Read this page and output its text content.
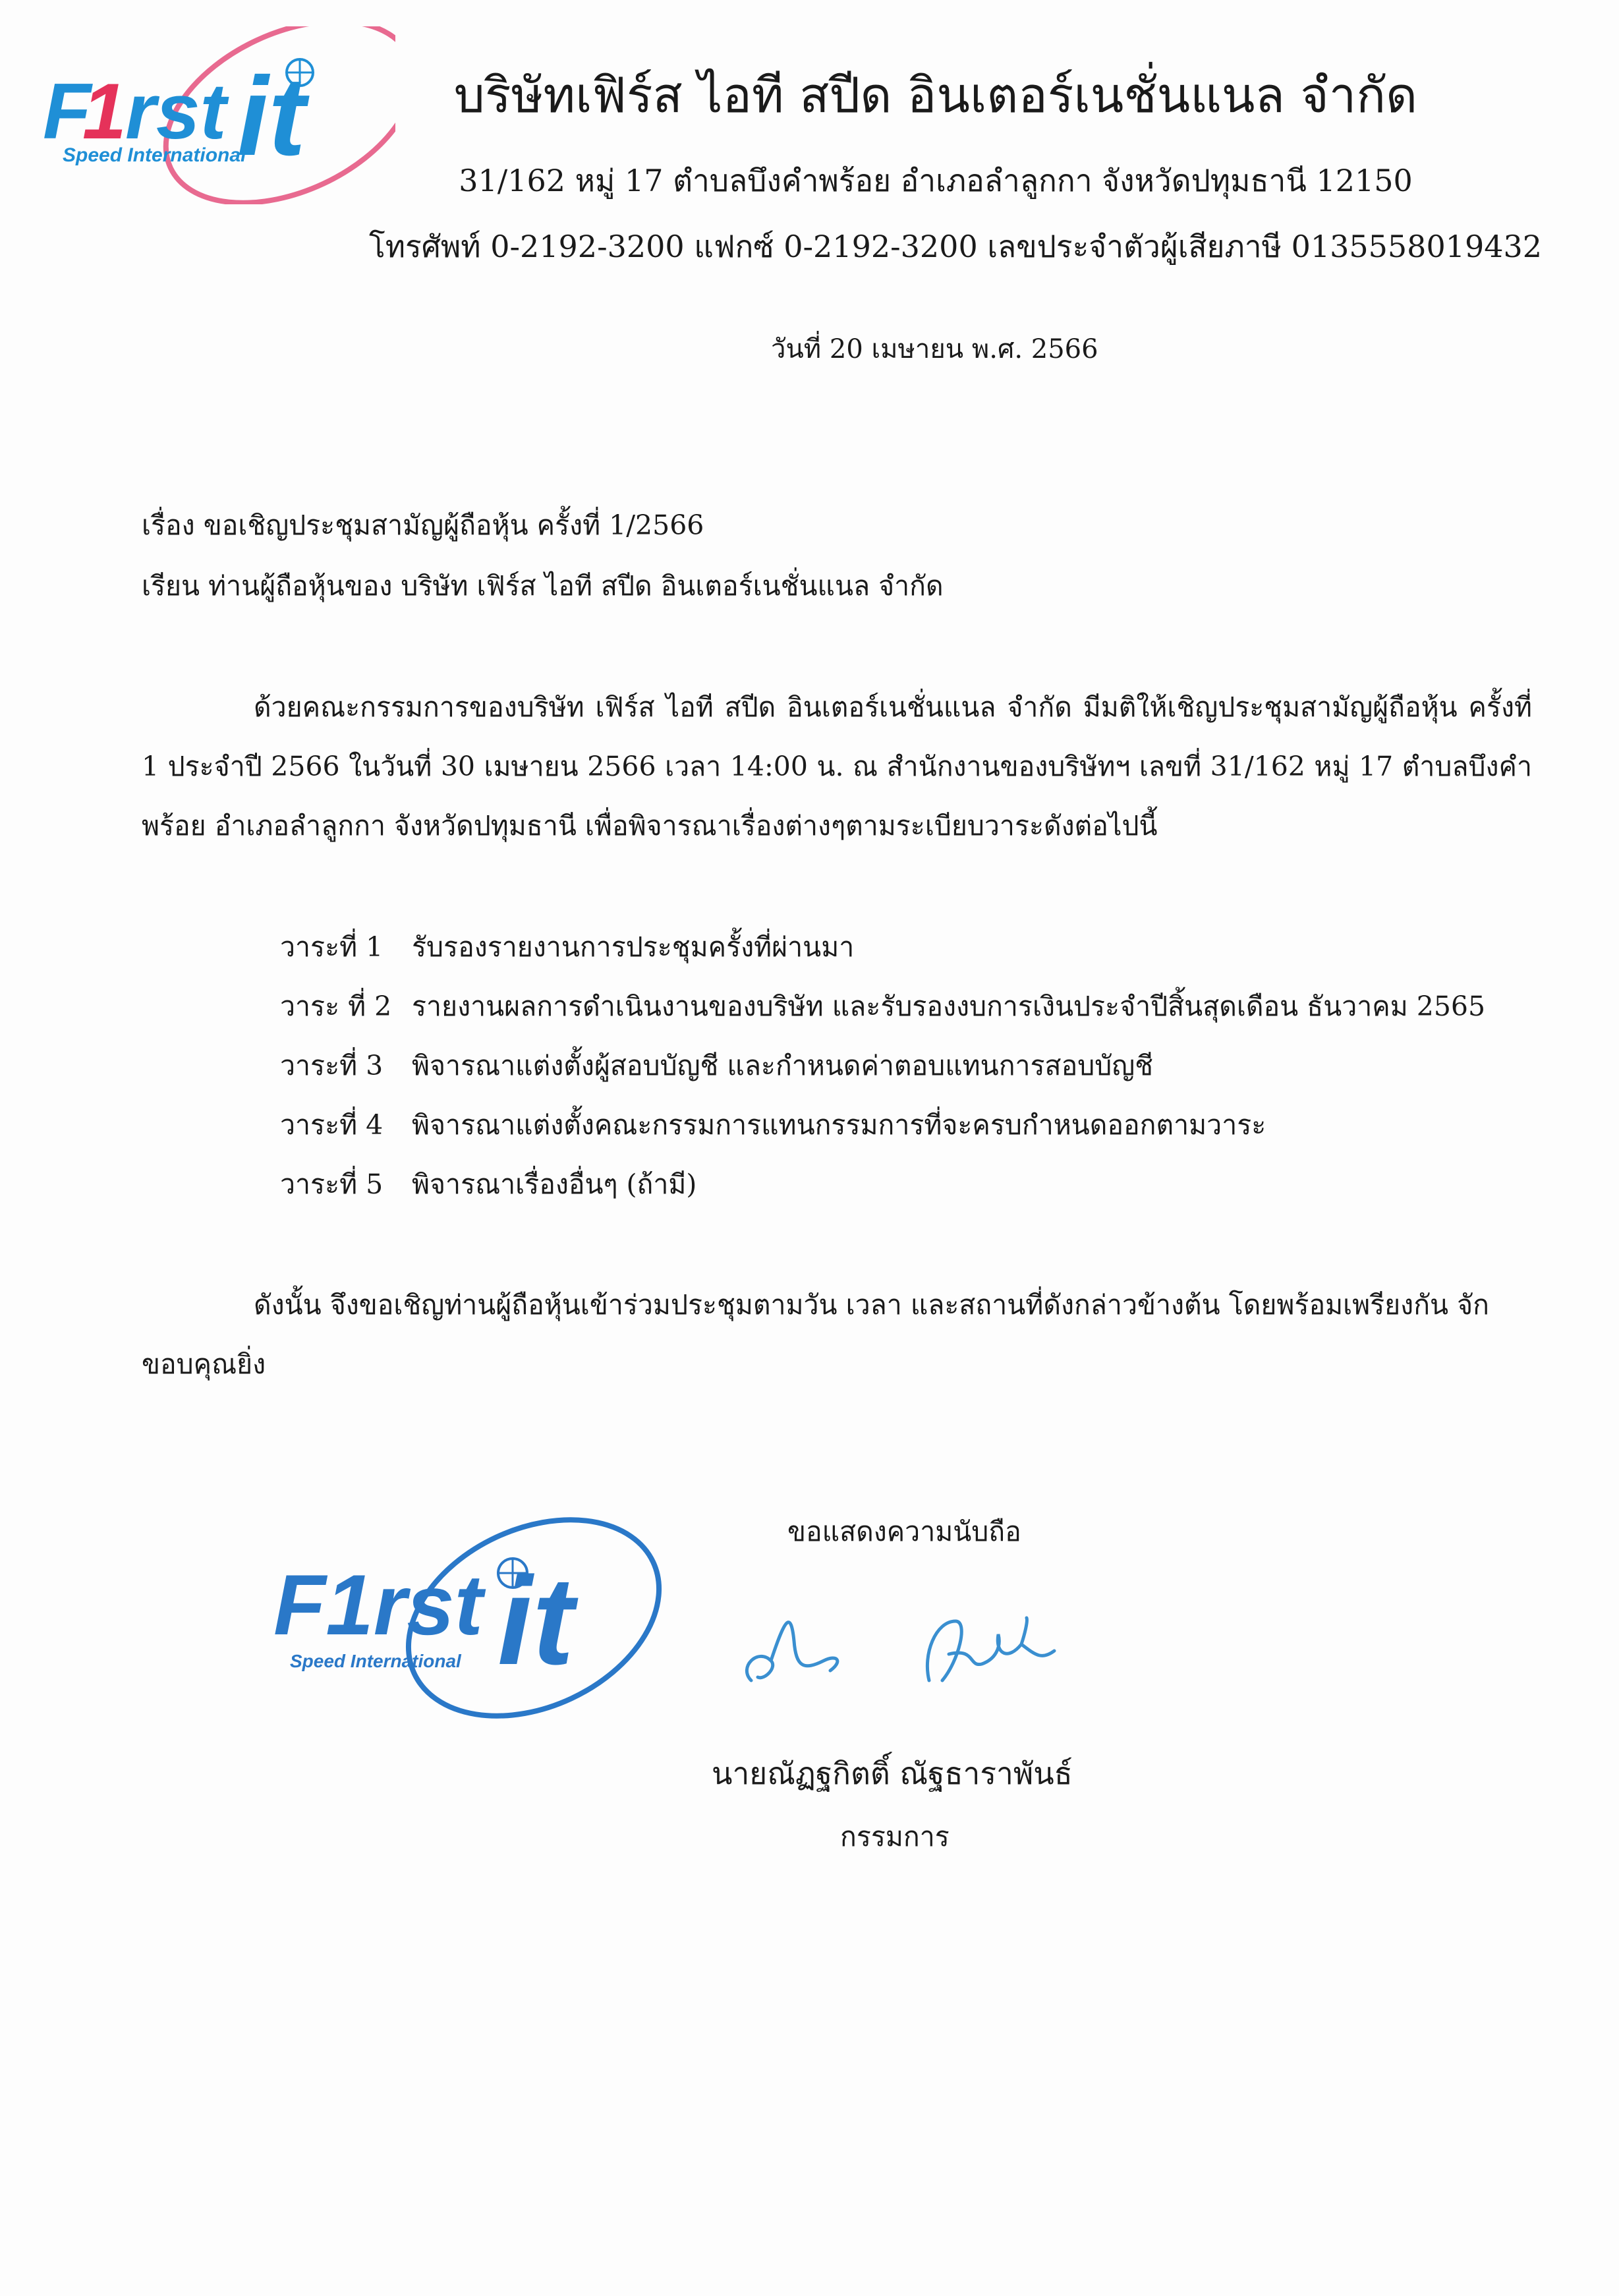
F
1
rst it
Speed International
บริษัทเฟิร์ส ไอที สปีด อินเตอร์เนชั่นแนล จำกัด
31/162 หมู่ 17 ตำบลบึงคำพร้อย อำเภอลำลูกกา จังหวัดปทุมธานี 12150
โทรศัพท์ 0-2192-3200 แฟกซ์ 0-2192-3200 เลขประจำตัวผู้เสียภาษี 0135558019432
วันที่ 20 เมษายน พ.ศ. 2566
เรื่อง ขอเชิญประชุมสามัญผู้ถือหุ้น ครั้งที่ 1/2566
เรียน ท่านผู้ถือหุ้นของ บริษัท เฟิร์ส ไอที สปีด อินเตอร์เนชั่นแนล จำกัด
ด้วยคณะกรรมการของบริษัท เฟิร์ส ไอที สปีด อินเตอร์เนชั่นแนล จำกัด มีมติให้เชิญประชุมสามัญผู้ถือหุ้น ครั้งที่ 1 ประจำปี 2566 ในวันที่ 30 เมษายน 2566 เวลา 14:00 น. ณ สำนักงานของบริษัทฯ เลขที่ 31/162 หมู่ 17 ตำบลบึงคำพร้อย อำเภอลำลูกกา จังหวัดปทุมธานี เพื่อพิจารณาเรื่องต่างๆตามระเบียบวาระดังต่อไปนี้
วาระที่ 1	รับรองรายงานการประชุมครั้งที่ผ่านมา
วาระ ที่ 2 รายงานผลการดำเนินงานของบริษัท และรับรองงบการเงินประจำปีสิ้นสุดเดือน ธันวาคม 2565
วาระที่ 3	พิจารณาแต่งตั้งผู้สอบบัญชี และกำหนดค่าตอบแทนการสอบบัญชี
วาระที่ 4	พิจารณาแต่งตั้งคณะกรรมการแทนกรรมการที่จะครบกำหนดออกตามวาระ
วาระที่ 5	พิจารณาเรื่องอื่นๆ (ถ้ามี)
ดังนั้น จึงขอเชิญท่านผู้ถือหุ้นเข้าร่วมประชุมตามวัน เวลา และสถานที่ดังกล่าวข้างต้น โดยพร้อมเพรียงกัน จักขอบคุณยิ่ง
ขอแสดงความนับถือ
F1rst it
Speed International
นายณัฏฐกิตติ์ ณัฐธาราพันธ์
กรรมการ
